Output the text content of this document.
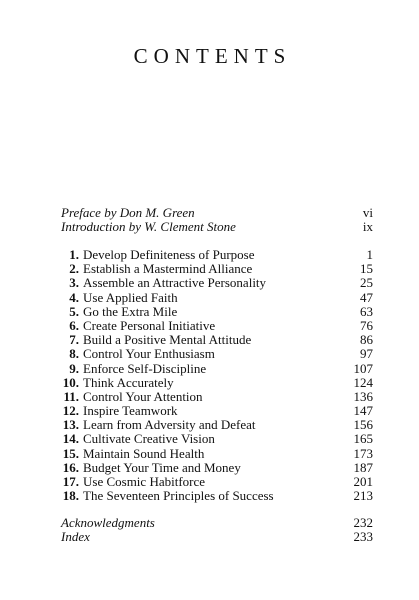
CONTENTS
Preface by Don M. Green	vi
Introduction by W. Clement Stone	ix
1. Develop Definiteness of Purpose	1
2. Establish a Mastermind Alliance	15
3. Assemble an Attractive Personality	25
4. Use Applied Faith	47
5. Go the Extra Mile	63
6. Create Personal Initiative	76
7. Build a Positive Mental Attitude	86
8. Control Your Enthusiasm	97
9. Enforce Self-Discipline	107
10. Think Accurately	124
11. Control Your Attention	136
12. Inspire Teamwork	147
13. Learn from Adversity and Defeat	156
14. Cultivate Creative Vision	165
15. Maintain Sound Health	173
16. Budget Your Time and Money	187
17. Use Cosmic Habitforce	201
18. The Seventeen Principles of Success	213
Acknowledgments	232
Index	233
